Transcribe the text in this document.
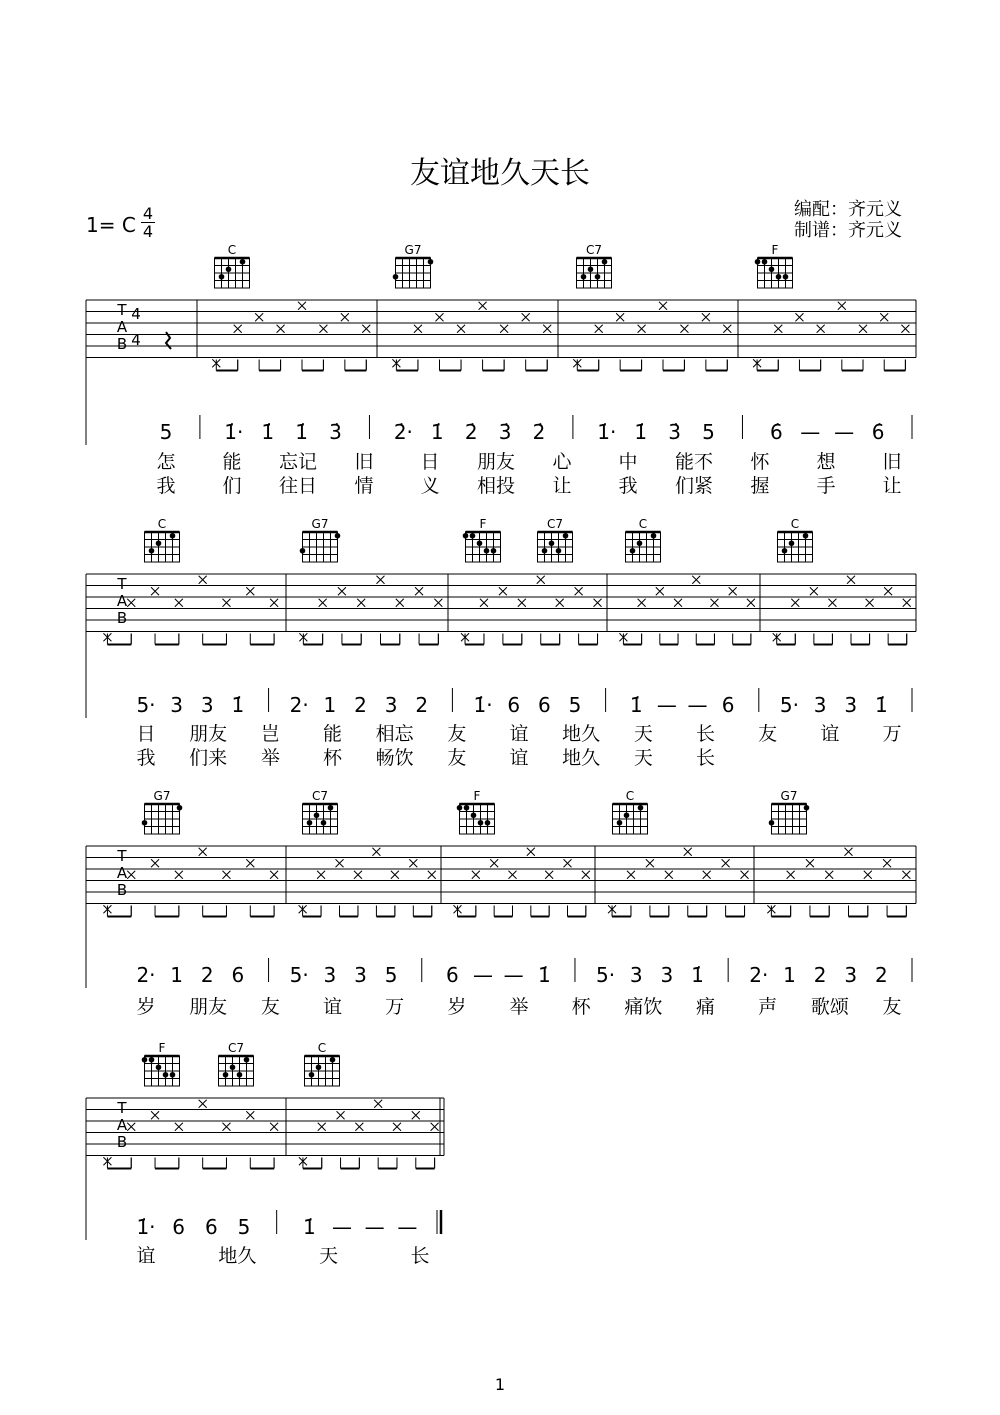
友谊地久天长
1= C 4
4
编配：齐元义
制谱：齐元义
1
C	G7	C7	F
T
A
B
4
4
5	1̇· 1̇ 1̇ 3̇	2̇· 1̇ 2̇ 3̇ 2̇	1̇· 1̇ 3̇ 5	6̇ — — 6̇
怎 能 忘记 旧 日 朋友 心 中 能不 怀 想 旧
我 们 往日 情 义 相投 让 我 们紧 握 手 让
C	G7	F	C7	C	C
T
A
B
5· 3 3 1̇ 2· 1 2 3 2 1̇· 6 6 5 1̇ — — 6 5· 3 3 1̇
日 朋友 岂 能 相忘 友 谊 地久 天 长 友 谊 万
我 们来 举 杯 畅饮 友 谊 地久 天 长
G7	C7	F	C	G7
T
A
B
2· 1 2 6 5· 3 3 5 6 — — 1̇ 5· 3 3 1̇ 2· 1 2 3 2
岁 朋友 友 谊 万 岁 举 杯 痛饮 痛 声 歌颂 友
F	C7	C
T
A
B
1̇· 6 6 5	1̇ — — —
谊	地久	天	长
